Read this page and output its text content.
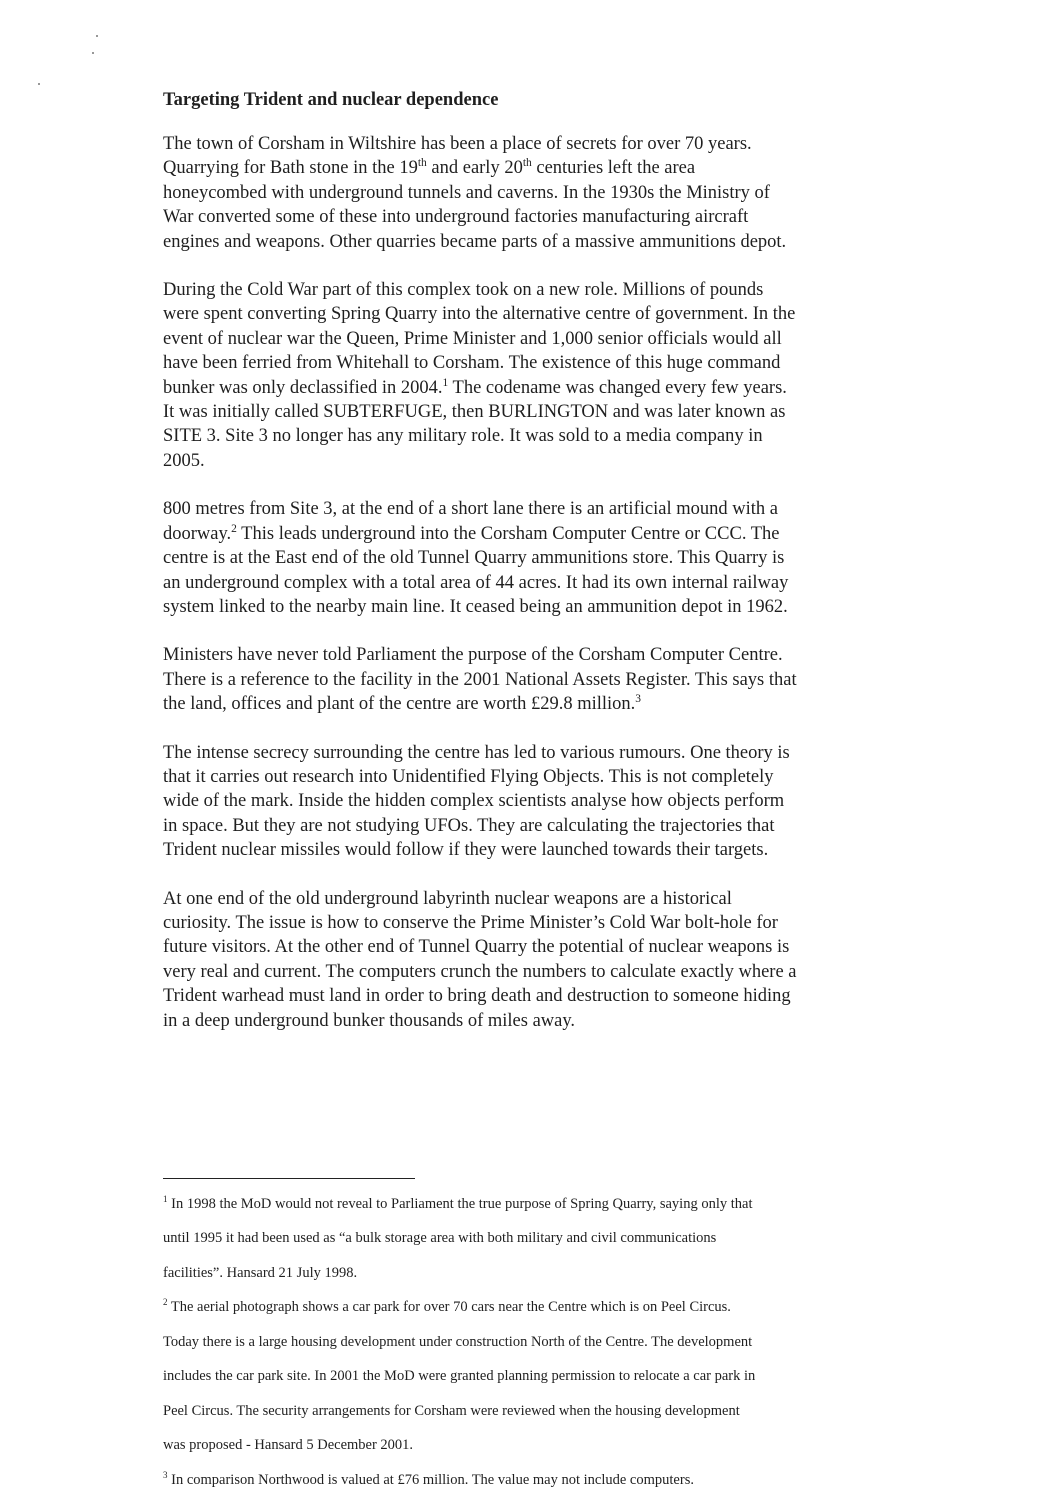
Targeting Trident and nuclear dependence

The town of Corsham in Wiltshire has been a place of secrets for over 70 years.

Quarrying for Bath stone in the 19th and early 20th centuries left the area

honeycombed with underground tunnels and caverns. In the 1930s the Ministry of

War converted some of these into underground factories manufacturing aircraft

engines and weapons. Other quarries became parts of a massive ammunitions depot.

During the Cold War part of this complex took on a new role. Millions of pounds

were spent converting Spring Quarry into the alternative centre of government. In the

event of nuclear war the Queen, Prime Minister and 1,000 senior officials would all

have been ferried from Whitehall to Corsham. The existence of this huge command

bunker was only declassified in 2004.$^1$ The codename was changed every few years.

It was initially called SUBTERFUGE, then BURLINGTON and was later known as

SITE 3. Site 3 no longer has any military role. It was sold to a media company in

2005.

800 metres from Site 3, at the end of a short lane there is an artificial mound with a

doorway.$^2$ This leads underground into the Corsham Computer Centre or CCC. The

centre is at the East end of the old Tunnel Quarry ammunitions store. This Quarry is

an underground complex with a total area of 44 acres. It had its own internal railway

system linked to the nearby main line. It ceased being an ammunition depot in 1962.

Ministers have never told Parliament the purpose of the Corsham Computer Centre.

There is a reference to the facility in the 2001 National Assets Register. This says that

the land, offices and plant of the centre are worth £29.8 million.$^3$

The intense secrecy surrounding the centre has led to various rumours. One theory is

that it carries out research into Unidentified Flying Objects. This is not completely

wide of the mark. Inside the hidden complex scientists analyse how objects perform

in space. But they are not studying UFOs. They are calculating the trajectories that

Trident nuclear missiles would follow if they were launched towards their targets.

At one end of the old underground labyrinth nuclear weapons are a historical

curiosity. The issue is how to conserve the Prime Minister’s Cold War bolt-hole for

future visitors. At the other end of Tunnel Quarry the potential of nuclear weapons is

very real and current. The computers crunch the numbers to calculate exactly where a

Trident warhead must land in order to bring death and destruction to someone hiding

in a deep underground bunker thousands of miles away.

$^1$ In 1998 the MoD would not reveal to Parliament the true purpose of Spring Quarry, saying only that

until 1995 it had been used as “a bulk storage area with both military and civil communications

facilities”. Hansard 21 July 1998.

$^2$ The aerial photograph shows a car park for over 70 cars near the Centre which is on Peel Circus.

Today there is a large housing development under construction North of the Centre. The development

includes the car park site. In 2001 the MoD were granted planning permission to relocate a car park in

Peel Circus. The security arrangements for Corsham were reviewed when the housing development

was proposed - Hansard 5 December 2001.

$^3$ In comparison Northwood is valued at £76 million. The value may not include computers.
